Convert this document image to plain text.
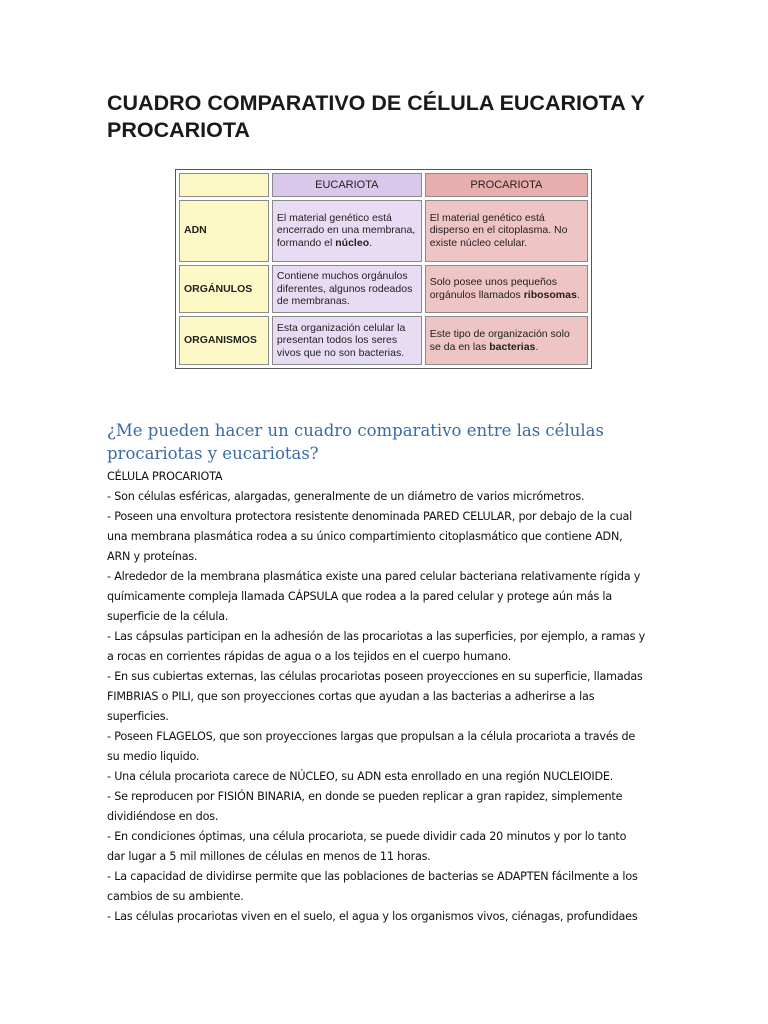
CUADRO COMPARATIVO DE CÉLULA EUCARIOTA Y
PROCARIOTA
	EUCARIOTA	PROCARIOTA
ADN	El material genético está encerrado en una membrana, formando el núcleo.	El material genético está disperso en el citoplasma. No existe núcleo celular.
ORGÁNULOS	Contiene muchos orgánulos diferentes, algunos rodeados de membranas.	Solo posee unos pequeños orgánulos llamados ribosomas.
ORGANISMOS	Esta organización celular la presentan todos los seres vivos que no son bacterias.	Este tipo de organización solo se da en las bacterias.
¿Me pueden hacer un cuadro comparativo entre las células
procariotas y eucariotas?
CÉLULA PROCARIOTA
- Son células esféricas, alargadas, generalmente de un diámetro de varios micrómetros.
- Poseen una envoltura protectora resistente denominada PARED CELULAR, por debajo de la cual
una membrana plasmática rodea a su único compartimiento citoplasmático que contiene ADN,
ARN y proteínas.
- Alrededor de la membrana plasmática existe una pared celular bacteriana relativamente rígida y
químicamente compleja llamada CÁPSULA que rodea a la pared celular y protege aún más la
superficie de la célula.
- Las cápsulas participan en la adhesión de las procariotas a las superficies, por ejemplo, a ramas y
a rocas en corrientes rápidas de agua o a los tejidos en el cuerpo humano.
- En sus cubiertas externas, las células procariotas poseen proyecciones en su superficie, llamadas
FIMBRIAS o PILI, que son proyecciones cortas que ayudan a las bacterias a adherirse a las
superficies.
- Poseen FLAGELOS, que son proyecciones largas que propulsan a la célula procariota a través de
su medio liquido.
- Una célula procariota carece de NÚCLEO, su ADN esta enrollado en una región NUCLEIOIDE.
- Se reproducen por FISIÓN BINARIA, en donde se pueden replicar a gran rapidez, simplemente
dividiéndose en dos.
- En condiciones óptimas, una célula procariota, se puede dividir cada 20 minutos y por lo tanto
dar lugar a 5 mil millones de células en menos de 11 horas.
- La capacidad de dividirse permite que las poblaciones de bacterias se ADAPTEN fácilmente a los
cambios de su ambiente.
- Las células procariotas viven en el suelo, el agua y los organismos vivos, ciénagas, profundidaes
